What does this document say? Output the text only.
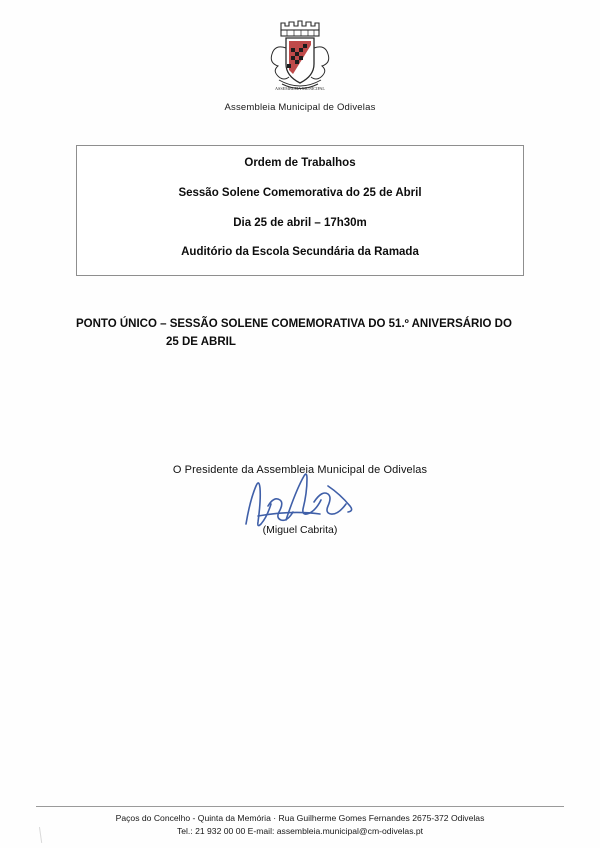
ASSEMBLEIA MUNICIPAL
Assembleia Municipal de Odivelas
Ordem de Trabalhos
Sessão Solene Comemorativa do 25 de Abril
Dia 25 de abril – 17h30m
Auditório da Escola Secundária da Ramada
PONTO ÚNICO – SESSÃO SOLENE COMEMORATIVA DO 51.º ANIVERSÁRIO DO
25 DE ABRIL
O Presidente da Assembleia Municipal de Odivelas
(Miguel Cabrita)
Paços do Concelho - Quinta da Memória · Rua Guilherme Gomes Fernandes 2675-372 Odivelas
Tel.: 21 932 00 00 E-mail: assembleia.municipal@cm-odivelas.pt
